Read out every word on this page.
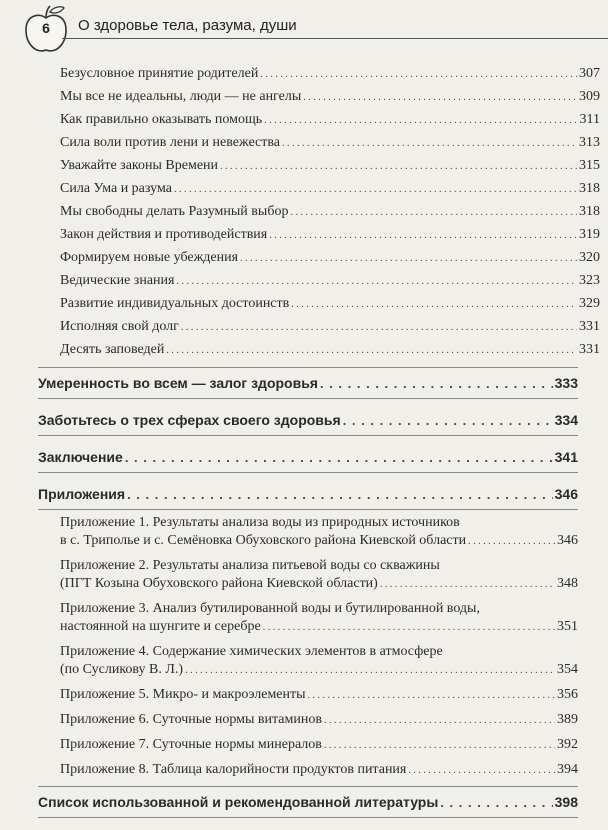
6	О здоровье тела, разума, души
Безусловное принятие родителей . . .	307
Мы все не идеальны, люди — не ангелы . . .	309
Как правильно оказывать помощь . . .	311
Сила воли против лени и невежества . . .	313
Уважайте законы Времени . . .	315
Сила Ума и разума . . .	318
Мы свободны делать Разумный выбор . . .	318
Закон действия и противодействия . . .	319
Формируем новые убеждения . . .	320
Ведические знания . . .	323
Развитие индивидуальных достоинств . . .	329
Исполняя свой долг . . .	331
Десять заповедей . . .	331
Умеренность во всем — залог здоровья . . .	333
Заботьтесь о трех сферах своего здоровья . . .	334
Заключение . . .	341
Приложения . . .	346
Приложение 1. Результаты анализа воды из природных источников
в с. Триполье и с. Семёновка Обуховского района Киевской области . . .	346
Приложение 2. Результаты анализа питьевой воды со скважины
(ПГТ Козына Обуховского района Киевской области) . . .	348
Приложение 3. Анализ бутилированной воды и бутилированной воды,
настоянной на шунгите и серебре . . .	351
Приложение 4. Содержание химических элементов в атмосфере
(по Сусликову В. Л.) . . .	354
Приложение 5. Микро- и макроэлементы . . .	356
Приложение 6. Суточные нормы витаминов . . .	389
Приложение 7. Суточные нормы минералов . . .	392
Приложение 8. Таблица калорийности продуктов питания . . .	394
Список использованной и рекомендованной литературы . . .	398
